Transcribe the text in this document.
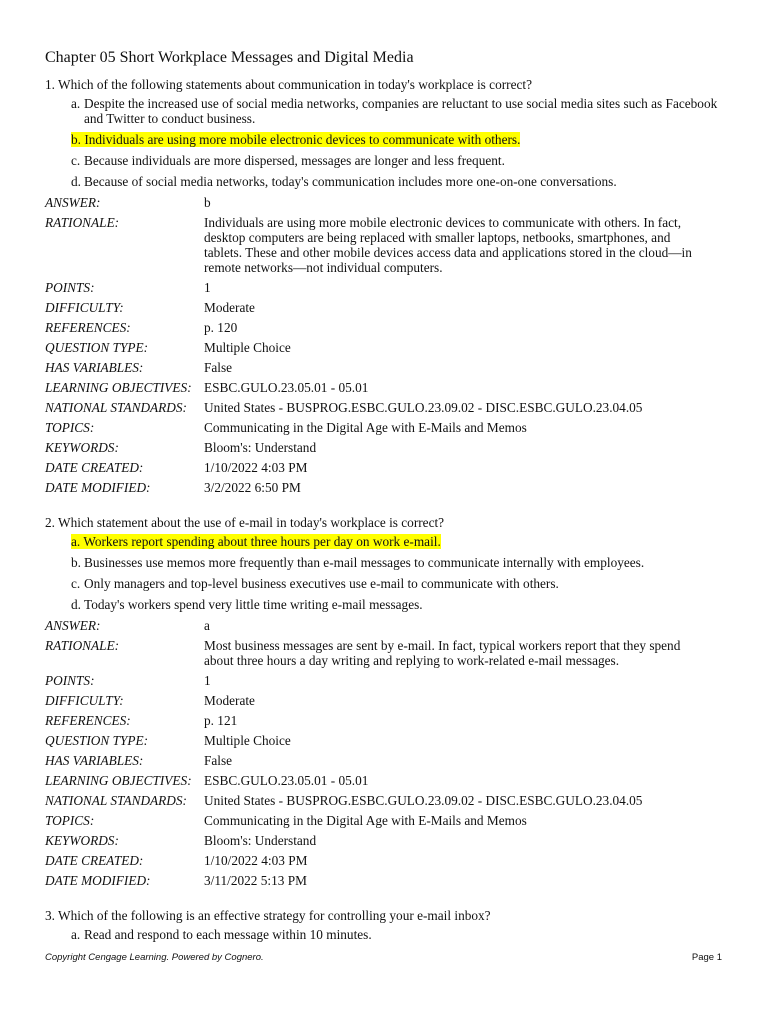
Chapter 05 Short Workplace Messages and Digital Media
1. Which of the following statements about communication in today's workplace is correct?
a. Despite the increased use of social media networks, companies are reluctant to use social media sites such as Facebook and Twitter to conduct business.
b. Individuals are using more mobile electronic devices to communicate with others.
c. Because individuals are more dispersed, messages are longer and less frequent.
d. Because of social media networks, today's communication includes more one-on-one conversations.
ANSWER:	b
RATIONALE:	Individuals are using more mobile electronic devices to communicate with others. In fact, desktop computers are being replaced with smaller laptops, netbooks, smartphones, and tablets. These and other mobile devices access data and applications stored in the cloud—in remote networks—not individual computers.
POINTS:	1
DIFFICULTY:	Moderate
REFERENCES:	p. 120
QUESTION TYPE:	Multiple Choice
HAS VARIABLES:	False
LEARNING OBJECTIVES: ESBC.GULO.23.05.01 - 05.01
NATIONAL STANDARDS:	United States - BUSPROG.ESBC.GULO.23.09.02 - DISC.ESBC.GULO.23.04.05
TOPICS:	Communicating in the Digital Age with E-Mails and Memos
KEYWORDS:	Bloom's: Understand
DATE CREATED:	1/10/2022 4:03 PM
DATE MODIFIED:	3/2/2022 6:50 PM
2. Which statement about the use of e-mail in today's workplace is correct?
a. Workers report spending about three hours per day on work e-mail.
b. Businesses use memos more frequently than e-mail messages to communicate internally with employees.
c. Only managers and top-level business executives use e-mail to communicate with others.
d. Today's workers spend very little time writing e-mail messages.
ANSWER:	a
RATIONALE:	Most business messages are sent by e-mail. In fact, typical workers report that they spend about three hours a day writing and replying to work-related e-mail messages.
POINTS:	1
DIFFICULTY:	Moderate
REFERENCES:	p. 121
QUESTION TYPE:	Multiple Choice
HAS VARIABLES:	False
LEARNING OBJECTIVES: ESBC.GULO.23.05.01 - 05.01
NATIONAL STANDARDS:	United States - BUSPROG.ESBC.GULO.23.09.02 - DISC.ESBC.GULO.23.04.05
TOPICS:	Communicating in the Digital Age with E-Mails and Memos
KEYWORDS:	Bloom's: Understand
DATE CREATED:	1/10/2022 4:03 PM
DATE MODIFIED:	3/11/2022 5:13 PM
3. Which of the following is an effective strategy for controlling your e-mail inbox?
a. Read and respond to each message within 10 minutes.
Copyright Cengage Learning. Powered by Cognero.	Page 1
